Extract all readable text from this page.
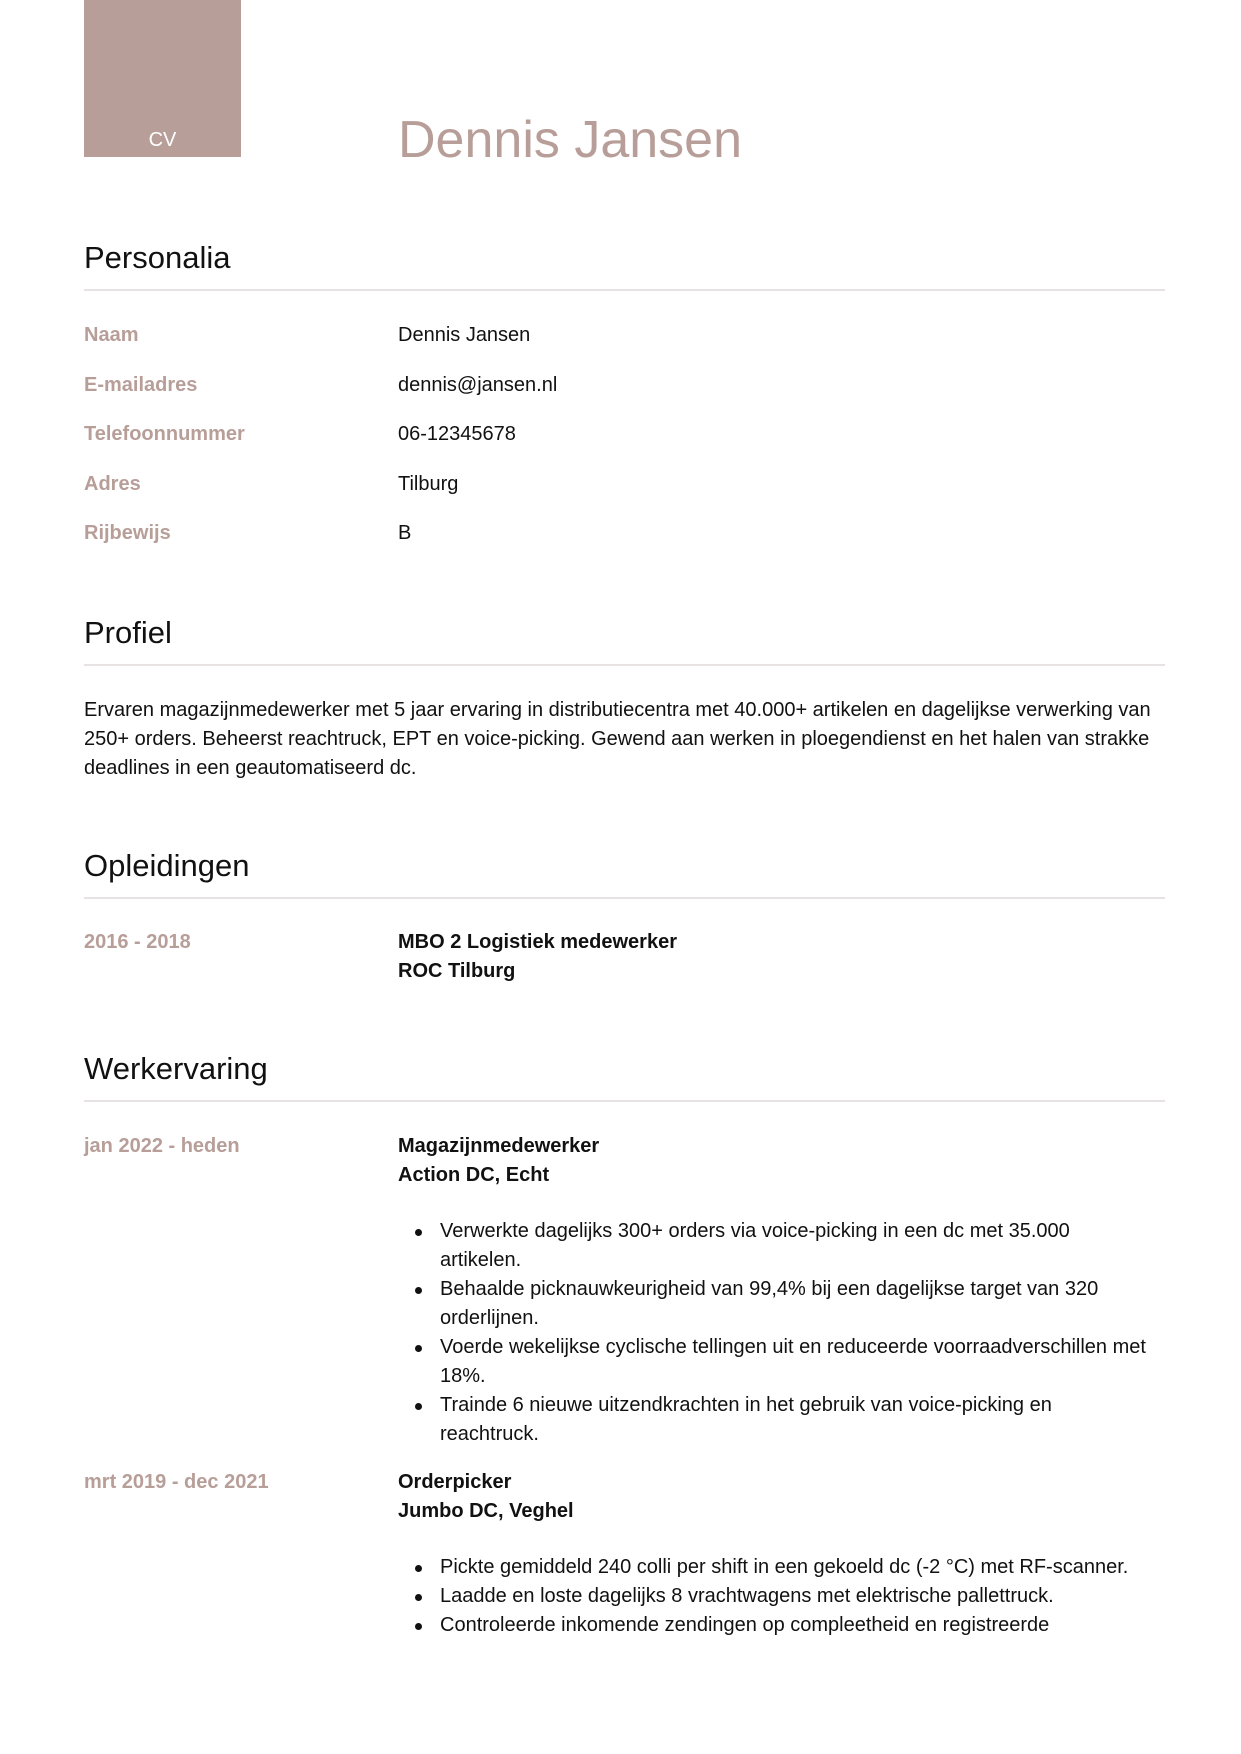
CV	Dennis Jansen
Personalia
Naam	Dennis Jansen
E-mailadres	dennis@jansen.nl
Telefoonnummer	06-12345678
Adres	Tilburg
Rijbewijs	B
Profiel
Ervaren magazijnmedewerker met 5 jaar ervaring in distributiecentra met 40.000+ artikelen en dagelijkse verwerking van 250+ orders. Beheerst reachtruck, EPT en voice-picking. Gewend aan werken in ploegendienst en het halen van strakke deadlines in een geautomatiseerd dc.
Opleidingen
2016 - 2018	MBO 2 Logistiek medewerker
ROC Tilburg
Werkervaring
jan 2022 - heden	Magazijnmedewerker
Action DC, Echt
Verwerkte dagelijks 300+ orders via voice-picking in een dc met 35.000 artikelen.
Behaalde picknauwkeurigheid van 99,4% bij een dagelijkse target van 320 orderlijnen.
Voerde wekelijkse cyclische tellingen uit en reduceerde voorraadverschillen met 18%.
Trainde 6 nieuwe uitzendkrachten in het gebruik van voice-picking en reachtruck.
mrt 2019 - dec 2021	Orderpicker
Jumbo DC, Veghel
Pickte gemiddeld 240 colli per shift in een gekoeld dc (-2 °C) met RF-scanner.
Laadde en loste dagelijks 8 vrachtwagens met elektrische pallettruck.
Controleerde inkomende zendingen op compleetheid en registreerde
